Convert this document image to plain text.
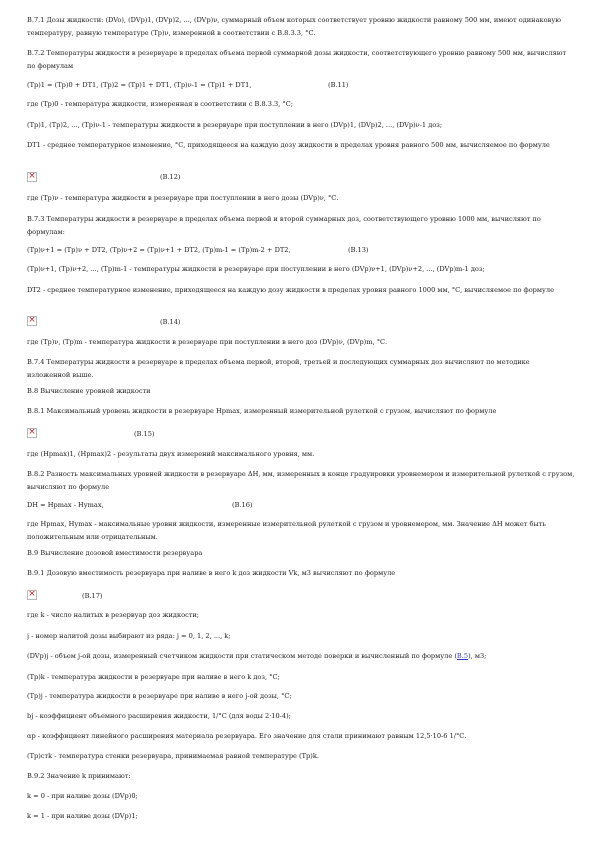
В.7.1 Дозы жидкости: (DVo), (DVp)1, (DVp)2, ..., (DVp)ν, суммарный объем которых соответствует уровню жидкости равному 500 мм, имеют одинаковую температуру, равную температуре (Тр)ν, измеренной в соответствии с В.8.3.3, °С.

В.7.2 Температуры жидкости в резервуаре в пределах объема первой суммарной дозы жидкости, соответствующего уровню равному 500 мм, вычисляют по формулам

(Тр)1 = (Тр)0 + DТ1, (Тр)2 = (Тр)1 + DТ1, (Тр)ν-1 = (Тр)1 + DТ1,	(В.11)

где (Тр)0 - температура жидкости, измеренная в соответствии с В.8.3.3, °С;

(Тр)1, (Тр)2, ..., (Тр)ν-1 - температуры жидкости в резервуаре при поступлении в него (DVp)1, (DVp)2, ..., (DVp)ν-1 доз;

DТ1 - среднее температурное изменение, °С, приходящееся на каждую дозу жидкости в пределах уровня равного 500 мм, вычисляемое по формуле

×
(В.12)

где (Тр)ν - температура жидкости в резервуаре при поступлении в него дозы (DVp)ν, °С.

В.7.3 Температуры жидкости в резервуаре в пределах объема первой и второй суммарных доз, соответствующего уровню 1000 мм, вычисляют по формулам:

(Тр)ν+1 = (Тр)ν + DТ2, (Тр)ν+2 = (Тр)ν+1 + DТ2, (Тр)m-1 = (Тр)m-2 + DТ2,	(В.13)

(Тр)ν+1, (Тр)ν+2, ..., (Тр)m-1 - температуры жидкости в резервуаре при поступлении в него (DVp)ν+1, (DVp)ν+2, ..., (DVp)m-1 доз;

DТ2 - среднее температурное изменение, приходящееся на каждую дозу жидкости в пределах уровня равного 1000 мм, °С, вычисляемое по формуле

×
(В.14)

где (Тр)ν, (Тр)m - температура жидкости в резервуаре при поступлении в него доз (DVp)ν, (DVp)m, °С.

В.7.4 Температуры жидкости в резервуаре в пределах объема первой, второй, третьей и последующих суммарных доз вычисляют по методике изложенной выше.

В.8 Вычисление уровней жидкости

В.8.1 Максимальный уровень жидкости в резервуаре Нрmах, измеренный измерительной рулеткой с грузом, вычисляют по формуле

×
(В.15)

где (Нрmах)1, (Нрmах)2 - результаты двух измерений максимального уровня, мм.

В.8.2 Разность максимальных уровней жидкости в резервуаре ΔН, мм, измеренных в конце градуировки уровнемером и измерительной рулеткой с грузом, вычисляют по формуле

DН = Нрmах - Нуmах,	(В.16)

где Нрmах, Нуmах - максимальные уровни жидкости, измеренные измерительной рулеткой с грузом и уровнемером, мм. Значение ΔН может быть положительным или отрицательным.

В.9 Вычисление дозовой вместимости резервуара

В.9.1 Дозовую вместимость резервуара при наливе в него k доз жидкости Vk, м3 вычисляют по формуле

×
(В.17)

где k - число налитых в резервуар доз жидкости;

j - номер налитой дозы выбирают из ряда: j = 0, 1, 2, ..., k;

(DVp)j - объем j-ой дозы, измеренный счетчиком жидкости при статическом методе поверки и вычисленный по формуле (В.5), м3;

(Тр)k - температура жидкости в резервуаре при наливе в него k доз, °С;

(Тр)j - температура жидкости в резервуаре при наливе в него j-ой дозы, °С;

bj - коэффициент объемного расширения жидкости, 1/°С (для воды 2·10-4);

αр - коэффициент линейного расширения материала резервуара. Его значение для стали принимают равным 12,5·10-6 1/°С.

(Тр)стk - температура стенки резервуара, принимаемая равной температуре (Тр)k.

В.9.2 Значение k принимают:

k = 0 - при наливе дозы (DVp)0;

k = 1 - при наливе дозы (DVp)1;
